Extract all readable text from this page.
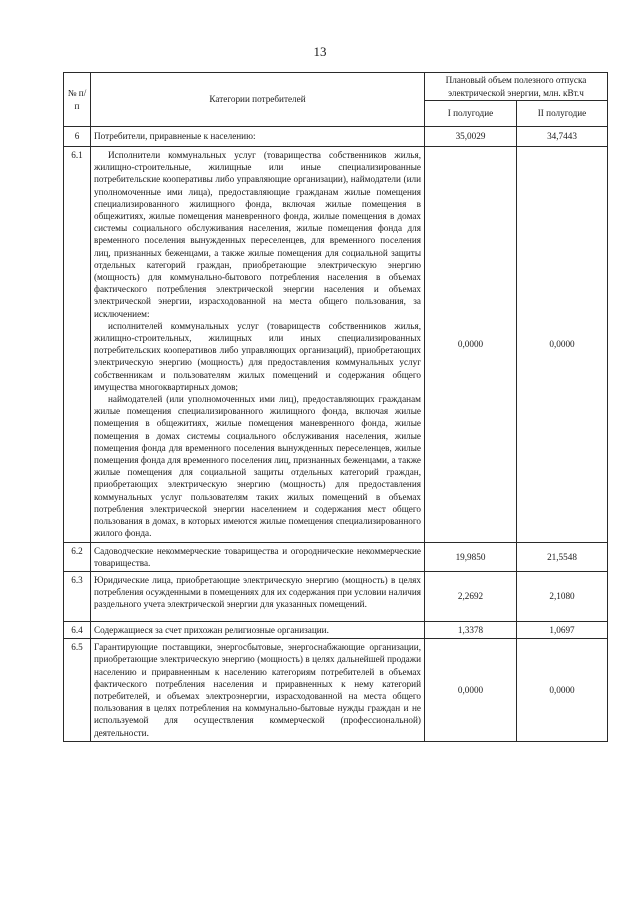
13
№ п/п	Категории потребителей	Плановый объем полезного отпуска электрической энергии, млн. кВт.ч	
		I полугодие	II полугодие
6	Потребители, приравненые к населению:	35,0029	34,7443
6.1	Исполнители коммунальных услуг (товарищества собственников жилья, жилищно-строительные, жилищные или иные специализированные потребительские кооперативы либо управляющие организации), наймодатели (или уполномоченные ими лица), предоставляющие гражданам жилые помещения специализированного жилищного фонда, включая жилые помещения в общежитиях, жилые помещения маневренного фонда, жилые помещения в домах системы социального обслуживания населения, жилые помещения фонда для временного поселения вынужденных переселенцев, для временного поселения лиц, признанных беженцами, а также жилые помещения для социальной защиты отдельных категорий граждан, приобретающие электрическую энергию (мощность) для коммунально-бытового потребления населения в объемах фактического потребления электрической энергии населения и объемах электрической энергии, израсходованной на места общего пользования, за исключением:

исполнителей коммунальных услуг (товариществ собственников жилья, жилищно-строительных, жилищных или иных специализированных потребительских кооперативов либо управляющих организаций), приобретающих электрическую энергию (мощность) для предоставления коммунальных услуг собственникам и пользователям жилых помещений и содержания общего имущества многоквартирных домов;

наймодателей (или уполномоченных ими лиц), предоставляющих гражданам жилые помещения специализированного жилищного фонда, включая жилые помещения в общежитиях, жилые помещения маневренного фонда, жилые помещения в домах системы социального обслуживания населения, жилые помещения фонда для временного поселения вынужденных переселенцев, жилые помещения фонда для временного поселения лиц, признанных беженцами, а также жилые помещения для социальной защиты отдельных категорий граждан, приобретающих электрическую энергию (мощность) для предоставления коммунальных услуг пользователям таких жилых помещений в объемах потребления электрической энергии населением и содержания мест общего пользования в домах, в которых имеются жилые помещения специализированного жилого фонда.	0,0000	0,0000
6.2	Садоводческие некоммерческие товарищества и огороднические некоммерческие товарищества.	19,9850	21,5548
6.3	Юридические лица, приобретающие электрическую энергию (мощность) в целях потребления осужденными в помещениях для их содержания при условии наличия раздельного учета электрической энергии для указанных помещений.	2,2692	2,1080
6.4	Содержащиеся за счет прихожан религиозные организации.	1,3378	1,0697
6.5	Гарантирующие поставщики, энергосбытовые, энергоснабжающие организации, приобретающие электрическую энергию (мощность) в целях дальнейшей продажи населению и приравненным к населению категориям потребителей в объемах фактического потребления населения и приравненных к нему категорий потребителей, и объемах электроэнергии, израсходованной на места общего пользования в целях потребления на коммунально-бытовые нужды граждан и не используемой для осуществления коммерческой (профессиональной) деятельности.	0,0000	0,0000
